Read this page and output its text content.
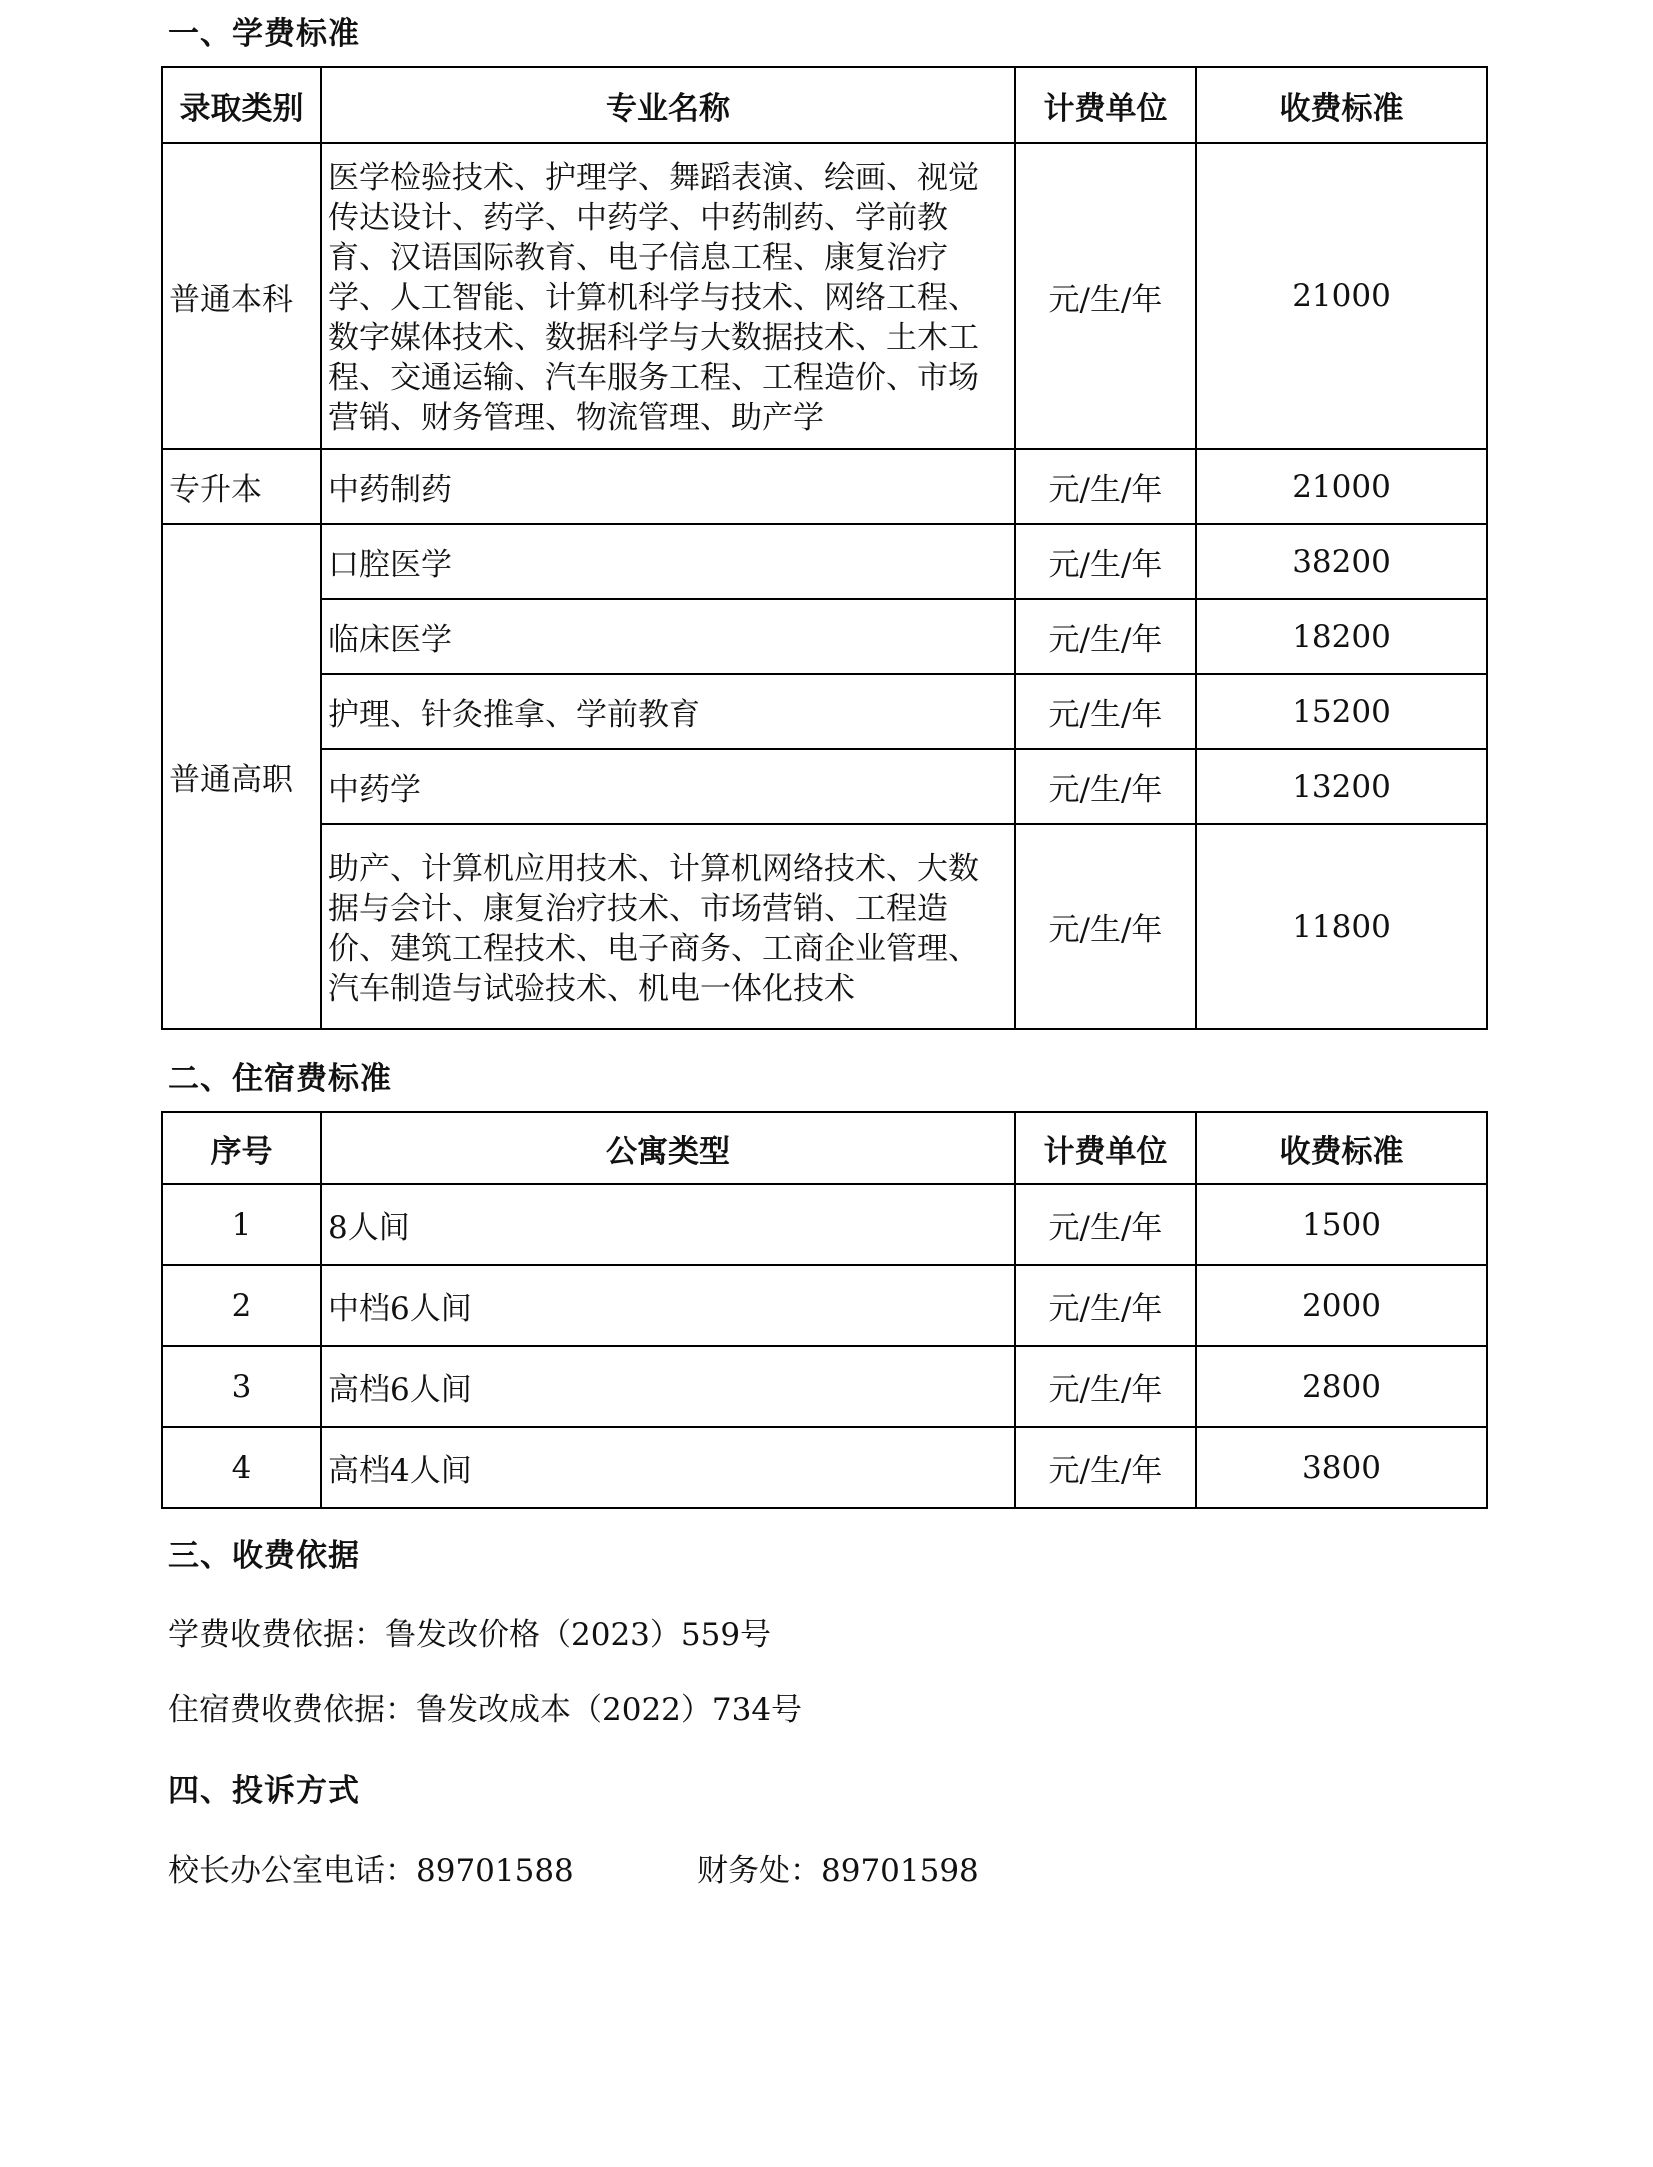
一、学费标准
录取类别	专业名称	计费单位	收费标准
普通本科	医学检验技术、护理学、舞蹈表演、绘画、视觉传达设计、药学、中药学、中药制药、学前教育、汉语国际教育、电子信息工程、康复治疗学、人工智能、计算机科学与技术、网络工程、数字媒体技术、数据科学与大数据技术、土木工程、交通运输、汽车服务工程、工程造价、市场营销、财务管理、物流管理、助产学	元/生/年	21000
专升本	中药制药	元/生/年	21000
普通高职	口腔医学	元/生/年	38200
	临床医学	元/生/年	18200
	护理、针灸推拿、学前教育	元/生/年	15200
	中药学	元/生/年	13200
	助产、计算机应用技术、计算机网络技术、大数据与会计、康复治疗技术、市场营销、工程造价、建筑工程技术、电子商务、工商企业管理、汽车制造与试验技术、机电一体化技术	元/生/年	11800
二、住宿费标准
序号	公寓类型	计费单位	收费标准
1	8人间	元/生/年	1500
2	中档6人间	元/生/年	2000
3	高档6人间	元/生/年	2800
4	高档4人间	元/生/年	3800
三、收费依据
学费收费依据：鲁发改价格（2023）559号
住宿费收费依据：鲁发改成本（2022）734号
四、投诉方式
校长办公室电话：89701588	财务处：89701598
